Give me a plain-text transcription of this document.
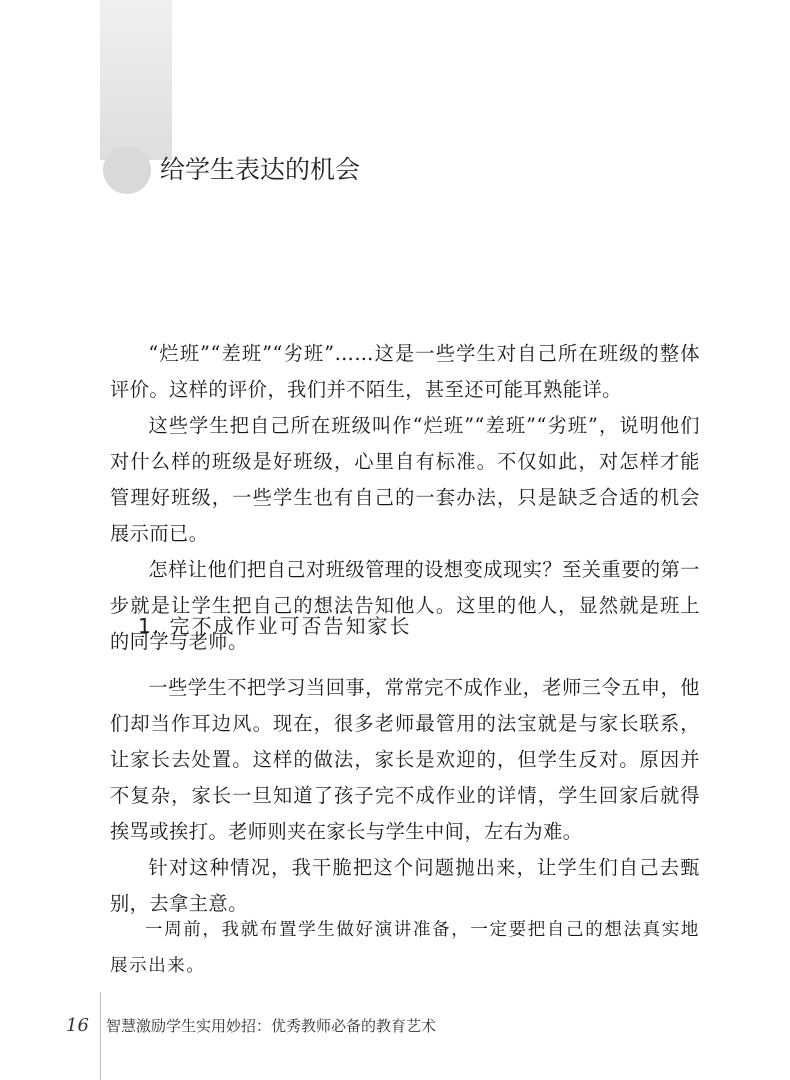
给学生表达的机会

“烂班”“差班”“劣班”……这是一些学生对自己所在班级的整体评价。这样的评价，我们并不陌生，甚至还可能耳熟能详。

这些学生把自己所在班级叫作“烂班”“差班”“劣班”，说明他们对什么样的班级是好班级，心里自有标准。不仅如此，对怎样才能管理好班级，一些学生也有自己的一套办法，只是缺乏合适的机会展示而已。

怎样让他们把自己对班级管理的设想变成现实？至关重要的第一步就是让学生把自己的想法告知他人。这里的他人，显然就是班上的同学与老师。

1. 完不成作业可否告知家长

一些学生不把学习当回事，常常完不成作业，老师三令五申，他们却当作耳边风。现在，很多老师最管用的法宝就是与家长联系，让家长去处置。这样的做法，家长是欢迎的，但学生反对。原因并不复杂，家长一旦知道了孩子完不成作业的详情，学生回家后就得挨骂或挨打。老师则夹在家长与学生中间，左右为难。

针对这种情况，我干脆把这个问题抛出来，让学生们自己去甄别，去拿主意。

一周前，我就布置学生做好演讲准备，一定要把自己的想法真实地展示出来。

16	智慧激励学生实用妙招：优秀教师必备的教育艺术
